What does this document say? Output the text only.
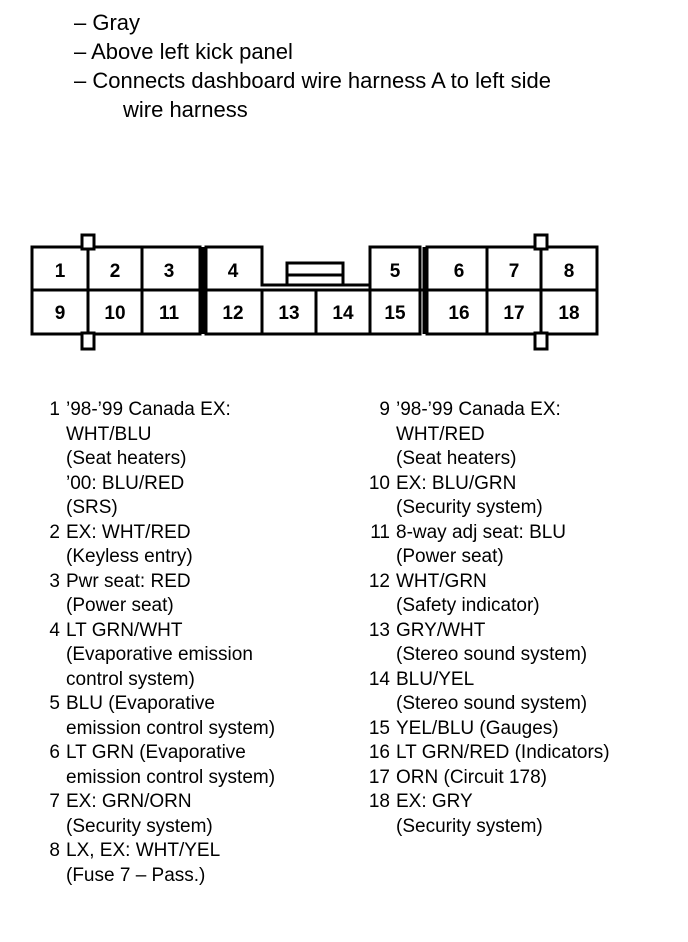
– Gray
– Above left kick panel
– Connects dashboard wire harness A to left side
wire harness
1 2 3	4	5	6 7 8
9 10 11 12 13 14 15 16 17 18
1 ’98-’99 Canada EX:
WHT/BLU
(Seat heaters)
’00: BLU/RED
(SRS)
2 EX: WHT/RED
(Keyless entry)
3 Pwr seat: RED
(Power seat)
4 LT GRN/WHT
(Evaporative emission
control system)
5 BLU (Evaporative
emission control system)
6 LT GRN (Evaporative
emission control system)
7 EX: GRN/ORN
(Security system)
8 LX, EX: WHT/YEL
(Fuse 7 – Pass.)
9 ’98-’99 Canada EX:
WHT/RED
(Seat heaters)
10 EX: BLU/GRN
(Security system)
11 8-way adj seat: BLU
(Power seat)
12 WHT/GRN
(Safety indicator)
13 GRY/WHT
(Stereo sound system)
14 BLU/YEL
(Stereo sound system)
15 YEL/BLU (Gauges)
16 LT GRN/RED (Indicators)
17 ORN (Circuit 178)
18 EX: GRY
(Security system)
